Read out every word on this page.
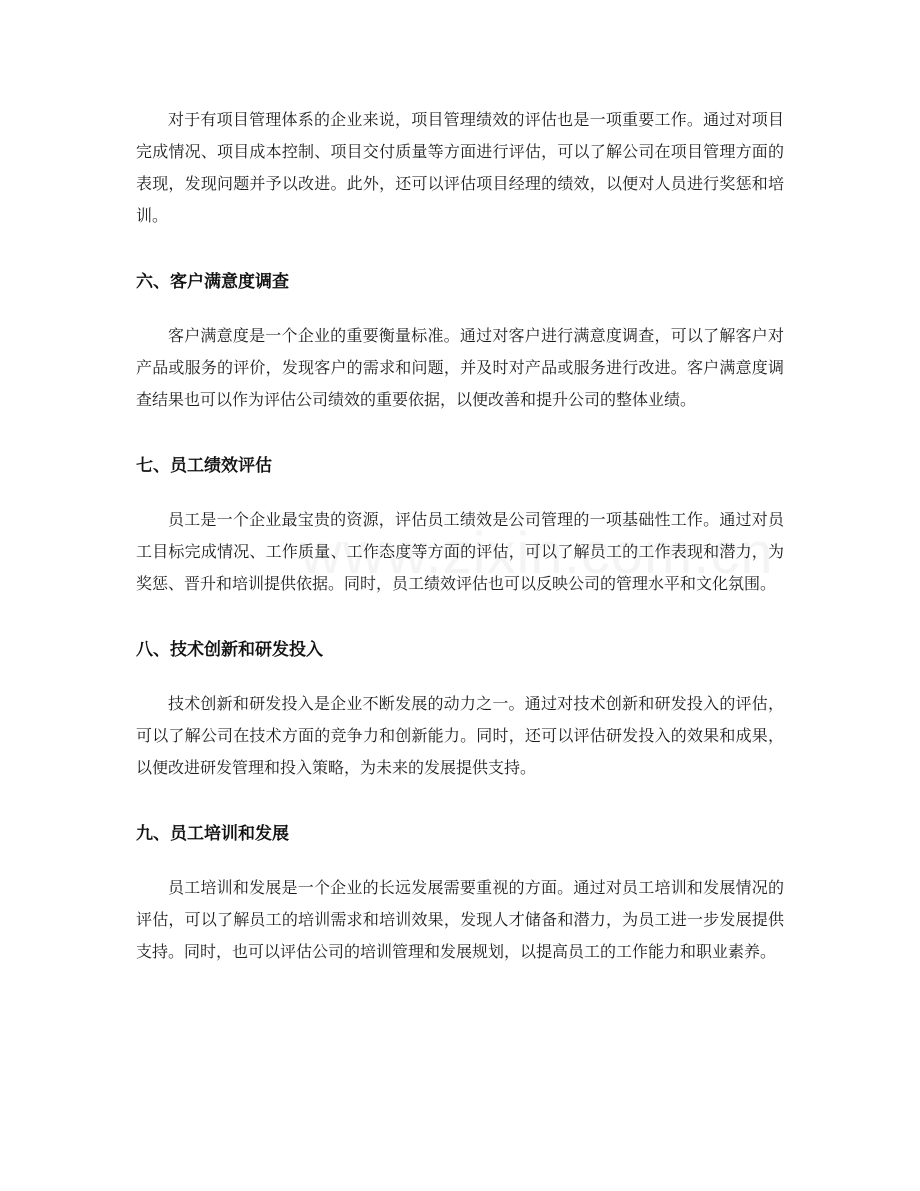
对于有项目管理体系的企业来说，项目管理绩效的评估也是一项重要工作。通过对项目完成情况、项目成本控制、项目交付质量等方面进行评估，可以了解公司在项目管理方面的表现，发现问题并予以改进。此外，还可以评估项目经理的绩效，以便对人员进行奖惩和培训。

六、客户满意度调查

客户满意度是一个企业的重要衡量标准。通过对客户进行满意度调查，可以了解客户对产品或服务的评价，发现客户的需求和问题，并及时对产品或服务进行改进。客户满意度调查结果也可以作为评估公司绩效的重要依据，以便改善和提升公司的整体业绩。

七、员工绩效评估

员工是一个企业最宝贵的资源，评估员工绩效是公司管理的一项基础性工作。通过对员工目标完成情况、工作质量、工作态度等方面的评估，可以了解员工的工作表现和潜力，为奖惩、晋升和培训提供依据。同时，员工绩效评估也可以反映公司的管理水平和文化氛围。

八、技术创新和研发投入

技术创新和研发投入是企业不断发展的动力之一。通过对技术创新和研发投入的评估，可以了解公司在技术方面的竞争力和创新能力。同时，还可以评估研发投入的效果和成果，以便改进研发管理和投入策略，为未来的发展提供支持。

九、员工培训和发展

员工培训和发展是一个企业的长远发展需要重视的方面。通过对员工培训和发展情况的评估，可以了解员工的培训需求和培训效果，发现人才储备和潜力，为员工进一步发展提供支持。同时，也可以评估公司的培训管理和发展规划，以提高员工的工作能力和职业素养。
